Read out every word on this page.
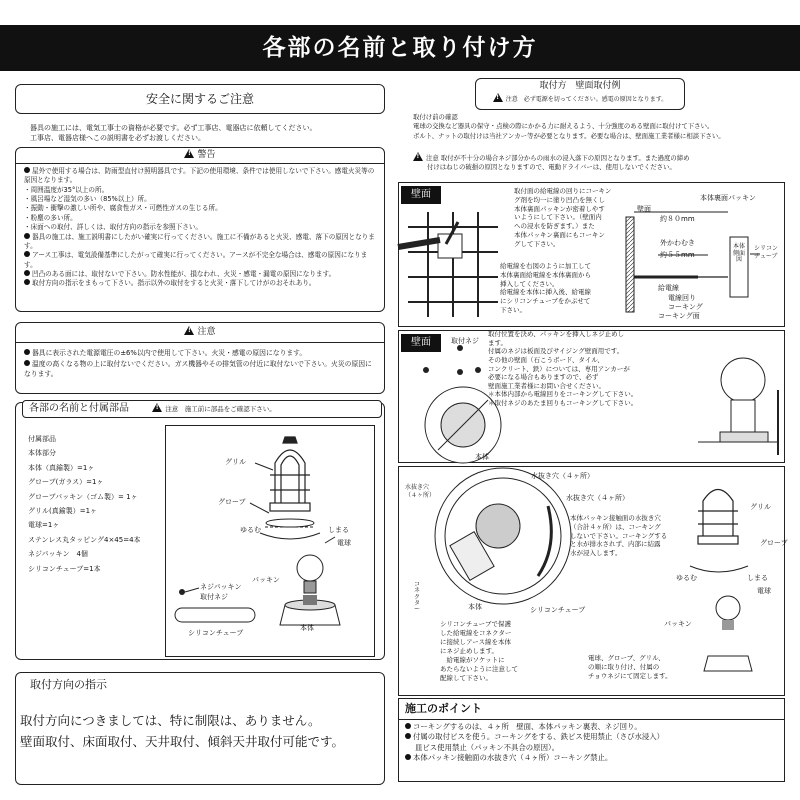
各部の名前と取り付け方
安全に関するご注意

器具の施工には、電気工事士の資格が必要です。必ず工事店、電器店に依頼してください。

工事店、電器店様へこの説明書を必ずお渡しください。

!警告
屋外で使用する場合は、防雨型直付け照明器具です。下記の使用環境、条件では使用しないで下さい。感電火災等の原因となります。
・周囲温度が35°以上の所。
・風呂場など湿気の多い（85%以上）所。
・振動・衝撃の激しい所や、腐食性ガス・可燃性ガスの生じる所。
・粉塵の多い所。
・床面への取付、詳しくは、取付方向の指示を参照下さい。
器具の施工は、施工説明書にしたがい確実に行ってください。施工に不備があると火災、感電、落下の原因となります。
アース工事は、電気設備基準にしたがって確実に行ってください。アースが不完全な場合は、感電の原因になります。
凹凸のある面には、取付ないで下さい。防水性能が、損なわれ、火災・感電・漏電の原因になります。
取付方向の指示をまもって下さい。指示以外の取付をすると火災・落下してけがのおそれあり。
!注意
器具に表示された電源電圧の±6%以内で使用して下さい。火災・感電の原因になります。
温度の高くなる物の上に取付ないでください。ガス機器やその排気管の付近に取付ないで下さい。火災の原因になります。
各部の名前と付属部品 !	注意　施工前に部品をご確認下さい。
付属部品
本体部分
本体（真鍮製）=1ヶ
グローブ(ガラス）=1ヶ
グローブパッキン（ゴム製）= 1ヶ
グリル(真鍮製）=1ヶ
電球=1ヶ
ステンレス丸タッピング4×45=4本
ネジパッキン　4個
シリコンチューブ=1本
グリル
グローブ
ゆるむ	しまる
電球
ネジパッキン
取付ネジ
パッキン
シリコンチューブ
本体
取付方向の指示
取付方向につきましては、特に制限は、ありません。
壁面取付、床面取付、天井取付、傾斜天井取付可能です。
取付方　壁面取付例
!注意　必ず電源を切ってください。感電の原因となります。

取付け前の確認

電球の交換など器具の保守・点検の際にかかる力に耐えるよう、十分強度のある壁面に取付けて下さい。

ボルト、ナットの取付けは当社アンカー等が必要となります。必要な場合は、壁面施工業者様に相談下さい。

!注意 取付が不十分の場合ネジ部分からの雨水の浸入落下の原因となります。また過度の締め

付けはねじの破損の原因となりますので、電動ドライバーは、使用しないでください。

壁面	取付面の給電線の回りにコーキン

グ剤を均一に塗り凹凸を無くし

本体裏面パッキンが密着しやす

いようにして下さい。（壁面内

への浸水を防ぎます。）また

本体パッキン裏面にもコーキン

グして下さい。

給電線を右図のように加工して

本体裏面給電線を本体裏面から

挿入してください。

給電線を本体に挿入後、給電線

にシリコンチューブをかぶせて

下さい。

壁面
本体裏面パッキン
約８０mm
外かわむき
約５５mm
給電線
電線回り
コーキング
コーキング面
本体側面図
シリコンチューブ
壁面	取付ネジ

取付位置を決め、パッキンを挿入しネジ止めし

ます。

付属のネジは板面及びサイジング壁面用です。

その他の壁面（石こうボード、タイル、

コンクリート、鉄）については、専用アンカーが

必要になる場合もありますので、必ず

壁面施工業者様にお問い合せください。

＊本体内部から電線回りをコーキングして下さい。

＊取付ネジのあたま回りもコーキングして下さい。

本体
水抜き穴（４ヶ所）
水抜き穴
（４ヶ所）	水抜き穴（４ヶ所）
コネクター	本体	シリコンチューブ

本体パッキン接触面の水抜き穴

（合計４ヶ所）は、コーキング

しないで下さい。コーキングする

と水が排水されず、内部に結露

水が浸入します。

グリル
グローブ
ゆるむ	しまる
電球
パッキン

電球、グローブ、グリル、

の順に取り付け、付属の

チョウネジにて固定します。

シリコンチューブで保護

した給電線をコネクター

に接続しアース線を本体

にネジ止めします。

　給電線がソケットに

あたらないように注意して

配線して下さい。

施工のポイント
コーキングするのは、４ヶ所　壁面、本体パッキン裏表、ネジ回り。
付属の取付ビスを使う。コーキングをする、鉄ビス使用禁止（さび水浸入）
皿ビス使用禁止（パッキン不具合の原因）。
本体パッキン接触面の水抜き穴（４ヶ所）コーキング禁止。
